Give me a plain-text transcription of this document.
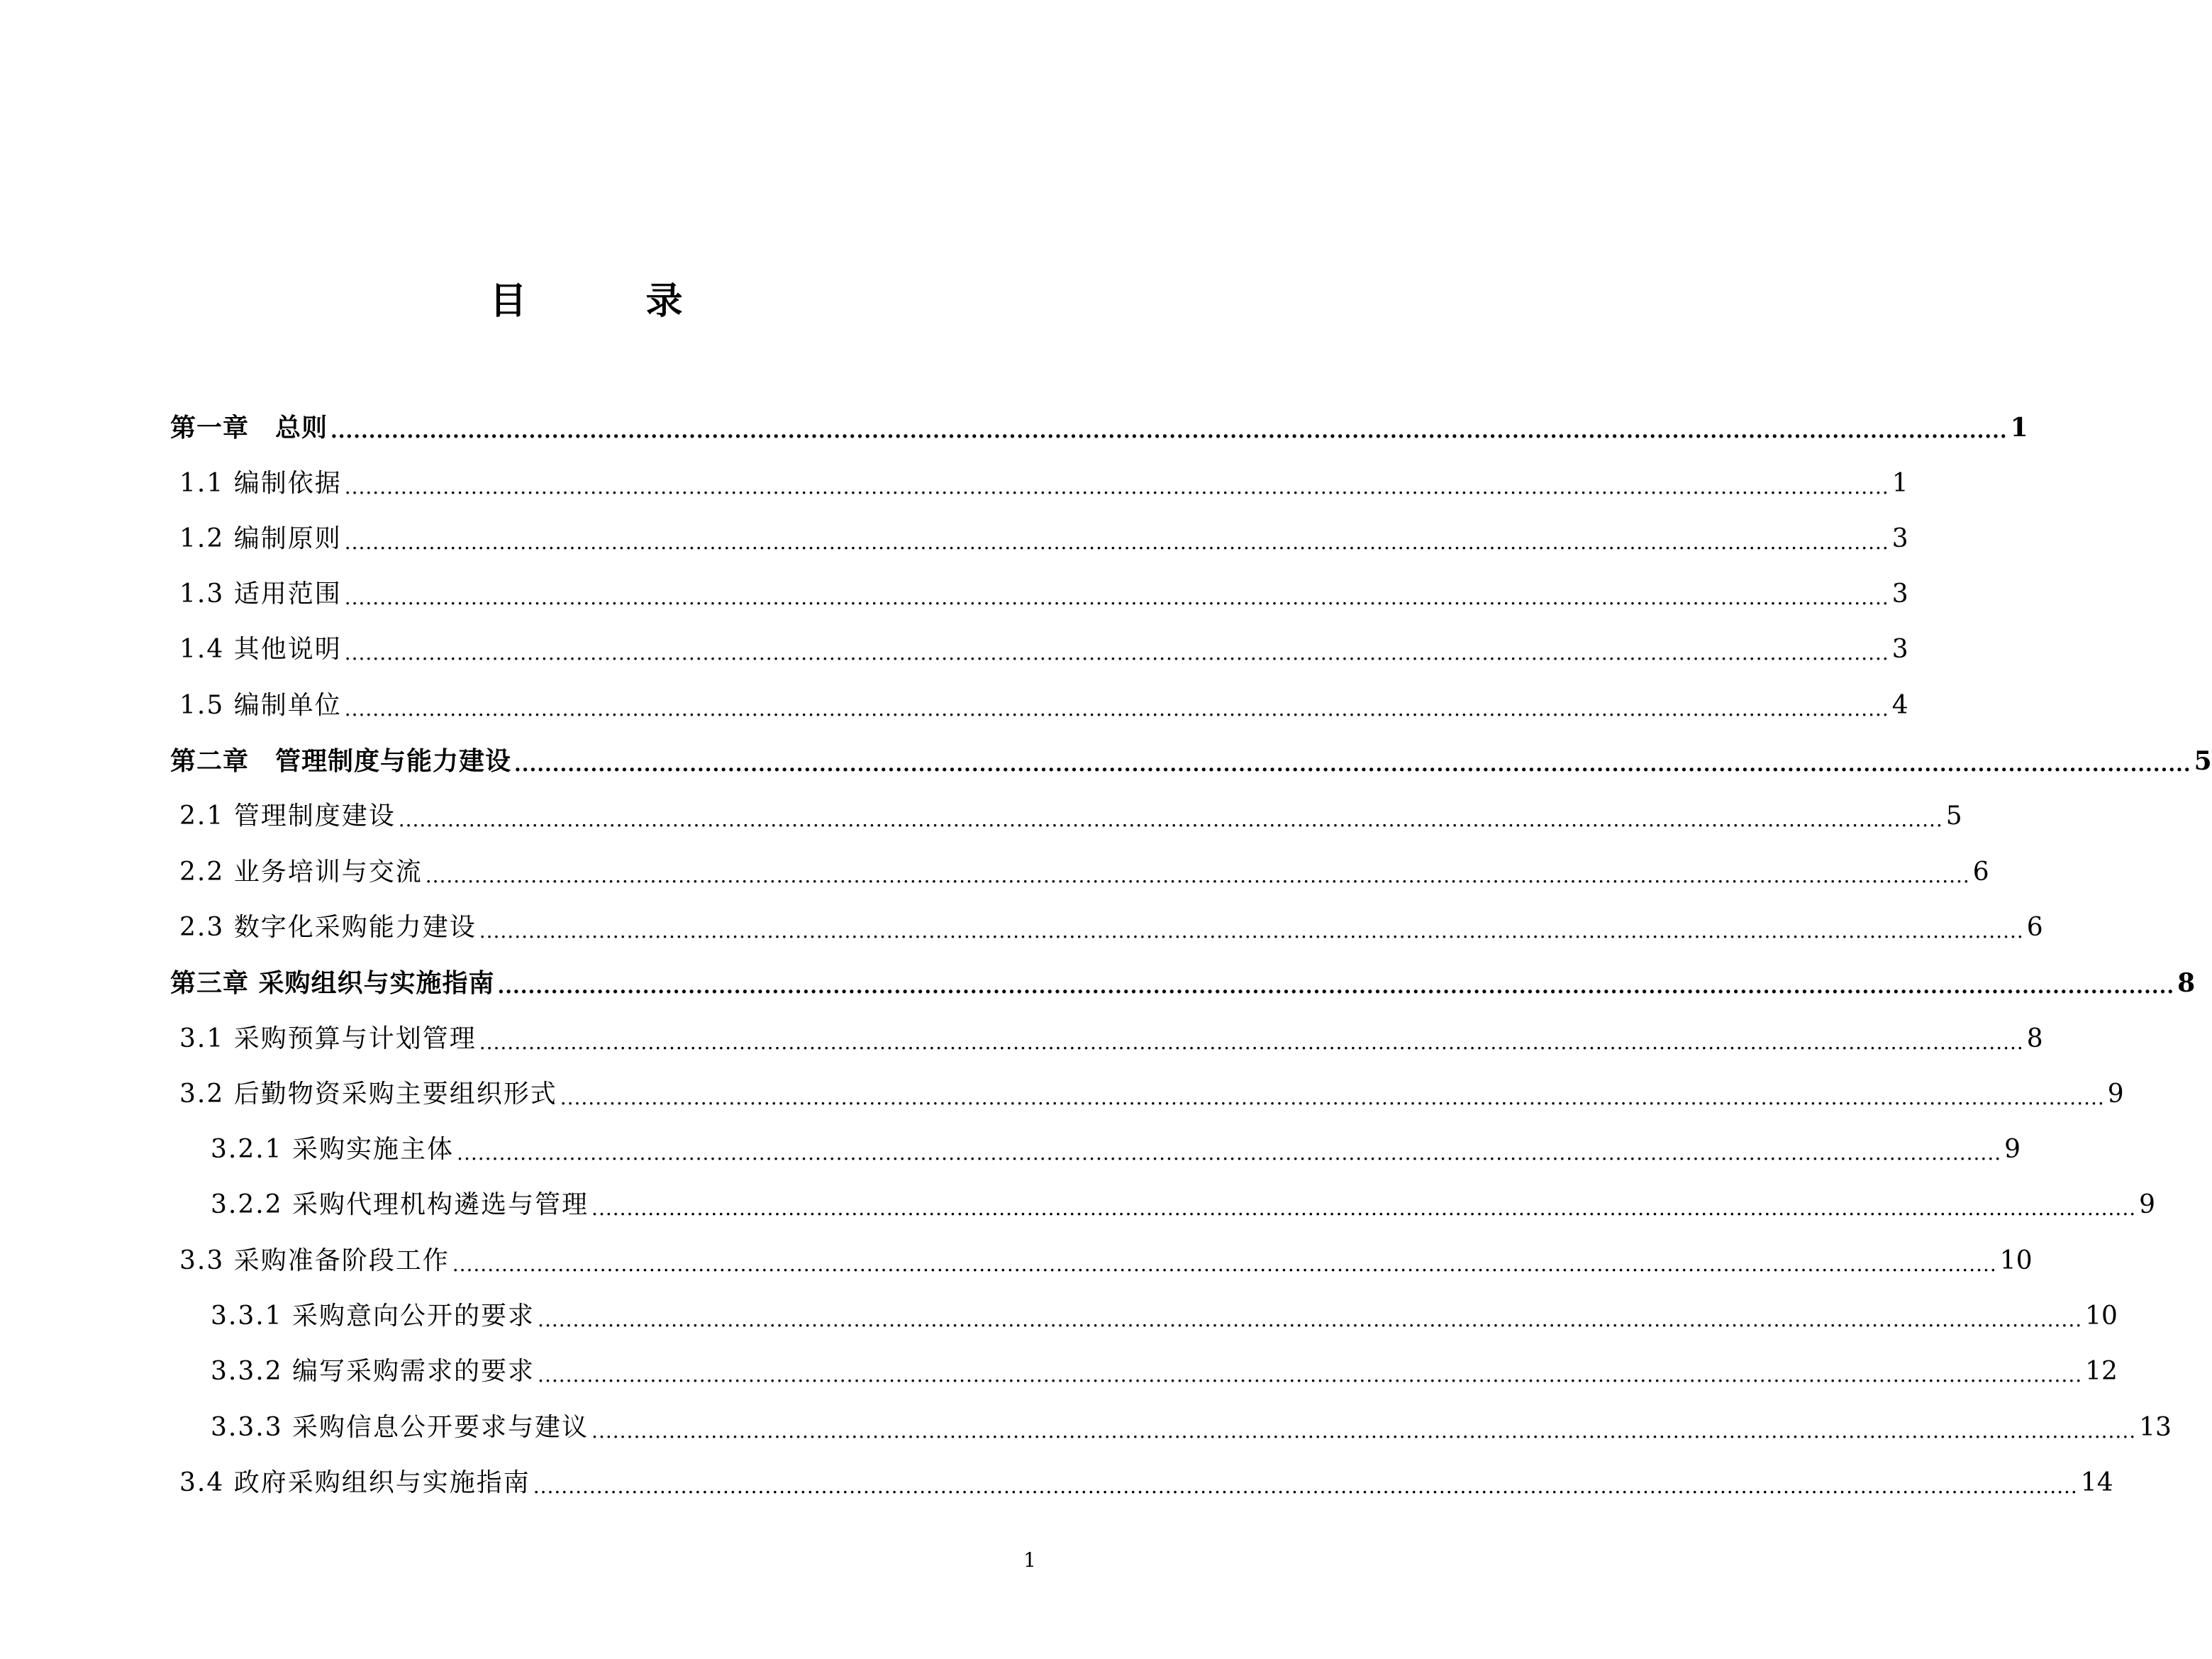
目　录
第一章　总则 ............................................................................................................................................................................................................................ 1
1.1 编制依据 ............................................................................................................................................................................................................................ 1
1.2 编制原则 ............................................................................................................................................................................................................................ 3
1.3 适用范围 ............................................................................................................................................................................................................................ 3
1.4 其他说明 ............................................................................................................................................................................................................................ 3
1.5 编制单位 ............................................................................................................................................................................................................................ 4
第二章　管理制度与能力建设 ............................................................................................................................................................................................................................ 5
2.1 管理制度建设 ............................................................................................................................................................................................................................ 5
2.2 业务培训与交流 ............................................................................................................................................................................................................................ 6
2.3 数字化采购能力建设 ............................................................................................................................................................................................................................ 6
第三章 采购组织与实施指南 ............................................................................................................................................................................................................................ 8
3.1 采购预算与计划管理 ............................................................................................................................................................................................................................ 8
3.2 后勤物资采购主要组织形式 ............................................................................................................................................................................................................................ 9
3.2.1 采购实施主体 ............................................................................................................................................................................................................................ 9
3.2.2 采购代理机构遴选与管理 ............................................................................................................................................................................................................................ 9
3.3 采购准备阶段工作 ............................................................................................................................................................................................................................ 10
3.3.1 采购意向公开的要求 ............................................................................................................................................................................................................................ 10
3.3.2 编写采购需求的要求 ............................................................................................................................................................................................................................ 12
3.3.3 采购信息公开要求与建议 ............................................................................................................................................................................................................................ 13
3.4 政府采购组织与实施指南 ............................................................................................................................................................................................................................ 14
1
